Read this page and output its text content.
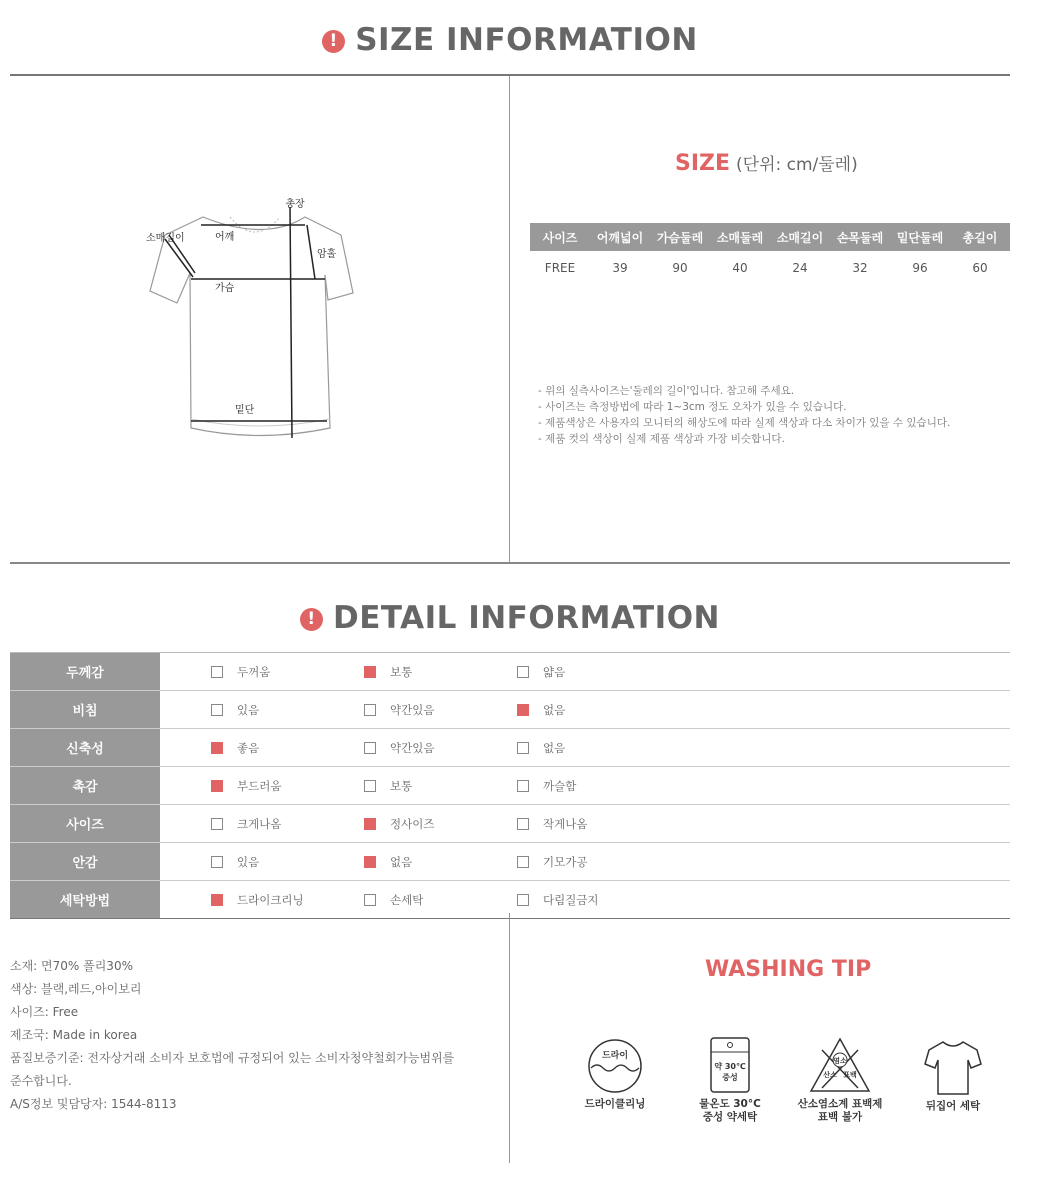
! SIZE INFORMATION
총장
소매길이	어깨
암홀
가슴
밑단
SIZE (단위: cm/둘레)
사이즈	어깨넓이	가슴둘레	소매둘레	소매길이	손목둘레	밑단둘레	총길이
FREE	39	90	40	24	32	96	60
- 위의 실측사이즈는'둘레의 길이'입니다. 참고해 주세요.
- 사이즈는 측정방법에 따라 1~3cm 정도 오차가 있을 수 있습니다.
- 제품색상은 사용자의 모니터의 해상도에 따라 실제 색상과 다소 차이가 있을 수 있습니다.
- 제품 컷의 색상이 실제 제품 색상과 가장 비슷합니다.
! DETAIL INFORMATION
두께감	두꺼움	보통	얇음
비침	있음	약간있음	없음
신축성	좋음	약간있음	없음
촉감	부드러움	보통	까슬함
사이즈	크게나옴	정사이즈	작게나옴
안감	있음	없음	기모가공
세탁방법	드라이크리닝	손세탁	다림질금지
소재: 면70% 폴리30%
색상: 블랙,레드,아이보리
사이즈: Free
제조국: Made in korea
품질보증기준: 전자상거래 소비자 보호법에 규정되어 있는 소비자청약철회가능범위를
준수합니다.
A/S정보 및담당자: 1544-8113
WASHING TIP
드라이
드라이클리닝
약 30℃
중성
물온도 30°C
중성 약세탁
염소
산소 표백
산소염소계 표백제
표백 불가
뒤집어 세탁
